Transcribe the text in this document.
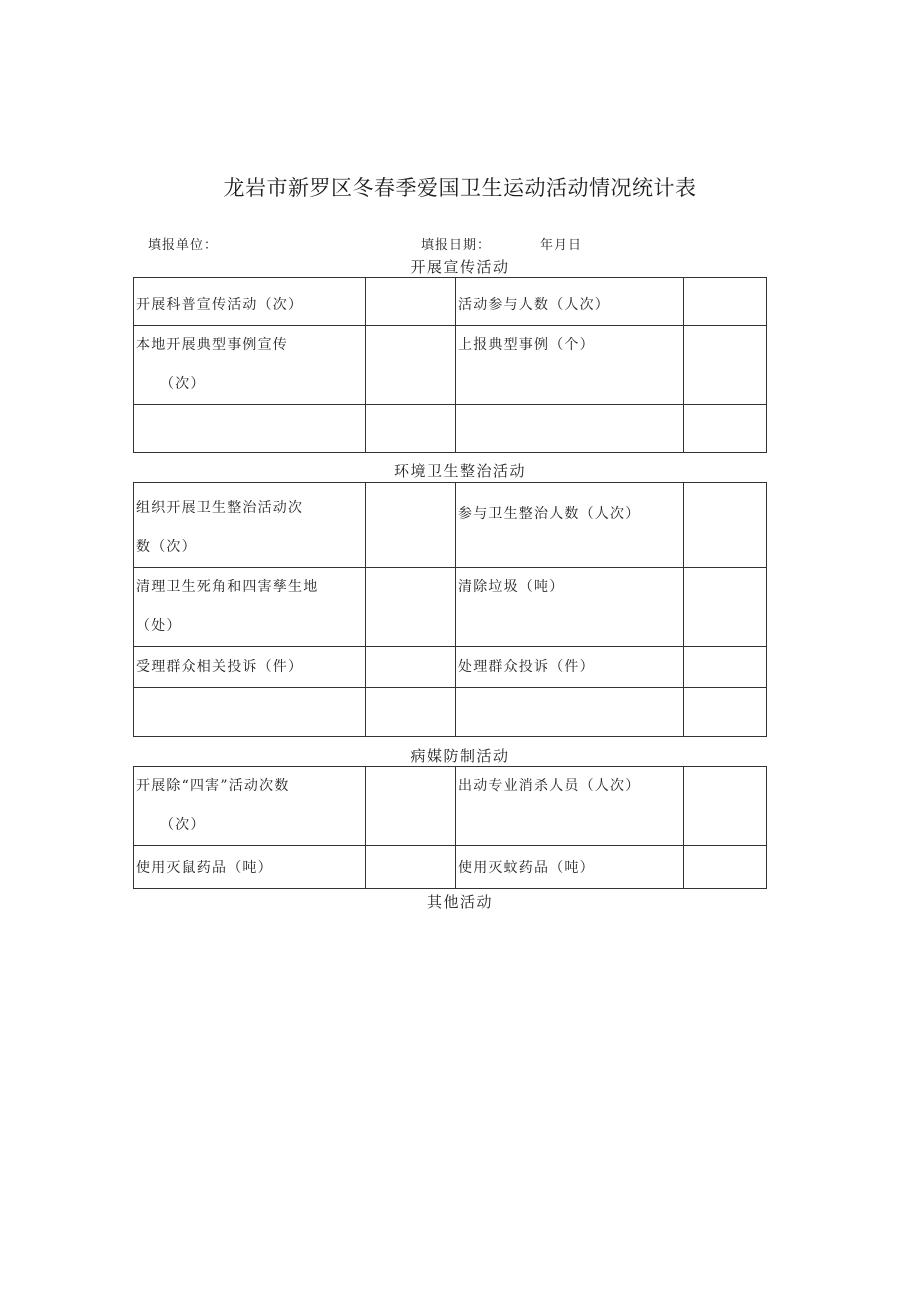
龙岩市新罗区冬春季爱国卫生运动活动情况统计表
填报单位：	填报日期：	年月日
开展宣传活动
开展科普宣传活动（次）		活动参与人数（人次）	
本地开展典型事例宣传
（次）		上报典型事例（个）	

环境卫生整治活动
组织开展卫生整治活动次
数（次）		参与卫生整治人数（人次）	

清理卫生死角和四害孳生地
（处）		清除垃圾（吨）	
受理群众相关投诉（件）		处理群众投诉（件）	

病媒防制活动
开展除“四害”活动次数
（次）		出动专业消杀人员（人次）	
使用灭鼠药品（吨）		使用灭蚊药品（吨）	
其他活动
